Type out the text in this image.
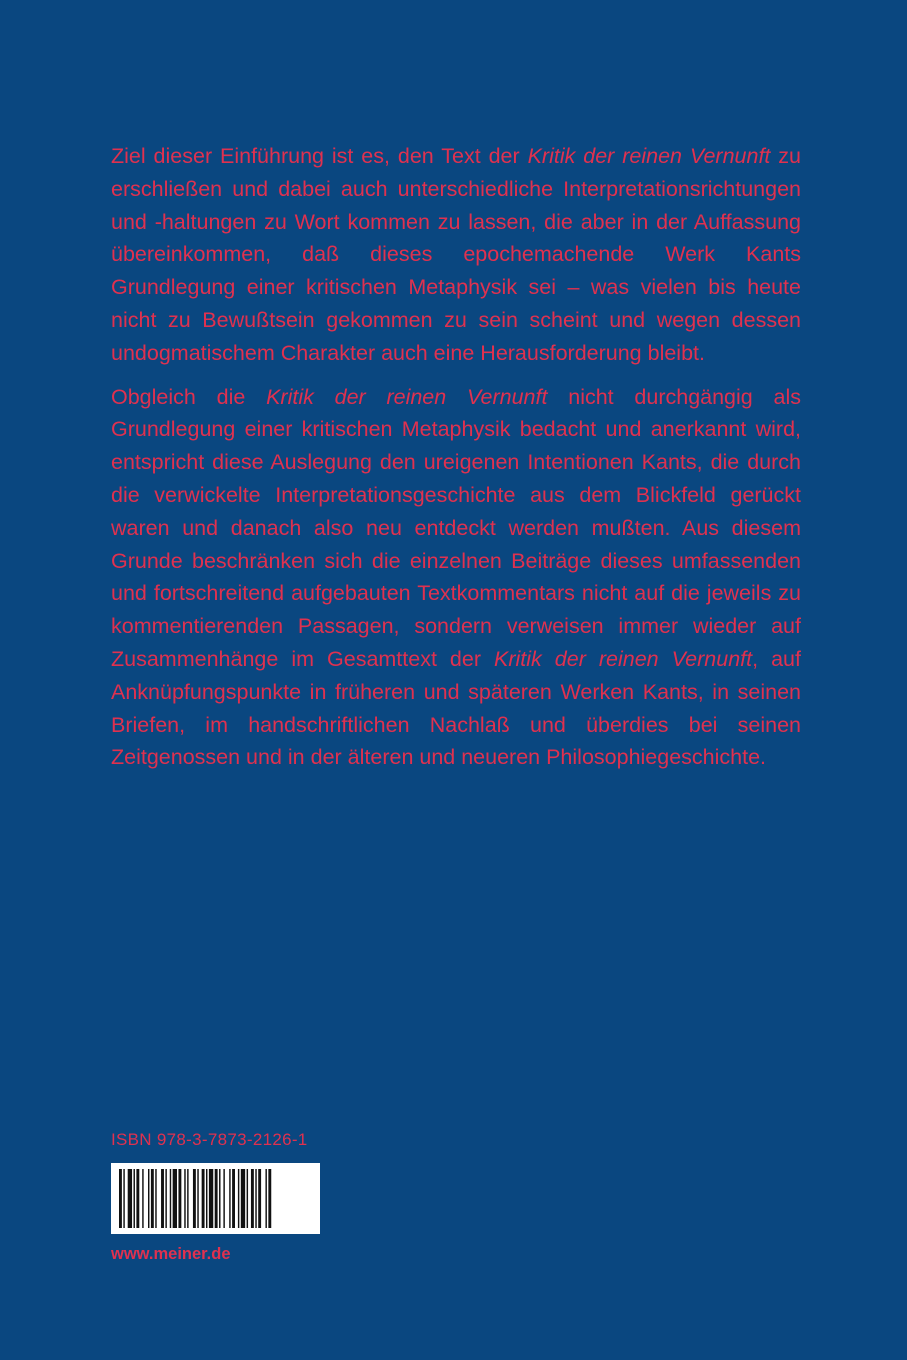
Ziel dieser Einführung ist es, den Text der Kritik der reinen Vernunft zu erschließen und dabei auch unterschiedliche Interpretationsrichtungen und -haltungen zu Wort kommen zu lassen, die aber in der Auffassung übereinkommen, daß dieses epochemachende Werk Kants Grundlegung einer kritischen Metaphysik sei – was vielen bis heute nicht zu Bewußtsein gekommen zu sein scheint und wegen dessen undogmatischem Charakter auch eine Herausforderung bleibt.

Obgleich die Kritik der reinen Vernunft nicht durchgängig als Grundlegung einer kritischen Metaphysik bedacht und anerkannt wird, entspricht diese Auslegung den ureigenen Intentionen Kants, die durch die verwickelte Interpretationsgeschichte aus dem Blickfeld gerückt waren und danach also neu entdeckt werden mußten. Aus diesem Grunde beschränken sich die einzelnen Beiträge dieses umfassenden und fortschreitend aufgebauten Textkommentars nicht auf die jeweils zu kommentierenden Passagen, sondern verweisen immer wieder auf Zusammenhänge im Gesamttext der Kritik der reinen Vernunft, auf Anknüpfungspunkte in früheren und späteren Werken Kants, in seinen Briefen, im handschriftlichen Nachlaß und überdies bei seinen Zeitgenossen und in der älteren und neueren Philosophiegeschichte.

ISBN 978-3-7873-2126-1
www.meiner.de
